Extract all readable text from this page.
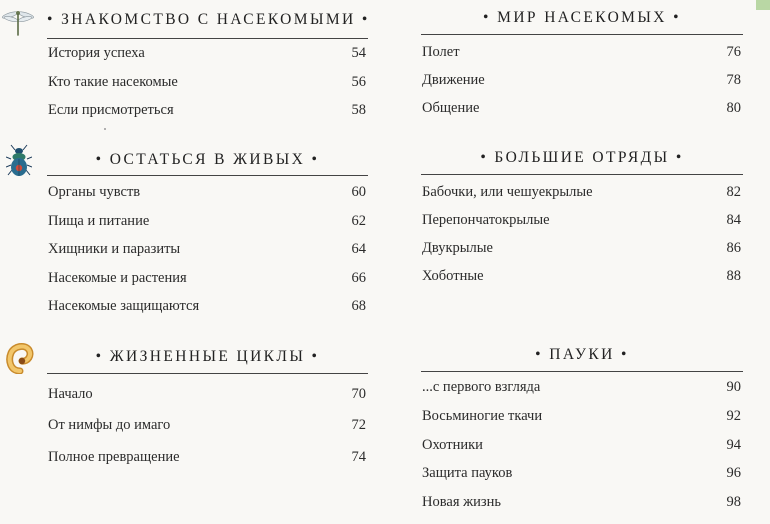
• ЗНАКОМСТВО С НАСЕКОМЫМИ •
История успеха	54
Кто такие насекомые	56
Если присмотреться	58
• ОСТАТЬСЯ В ЖИВЫХ •
Органы чувств	60
Пища и питание	62
Хищники и паразиты	64
Насекомые и растения	66
Насекомые защищаются	68
• ЖИЗНЕННЫЕ ЦИКЛЫ •
Начало	70
От нимфы до имаго	72
Полное превращение	74
• МИР НАСЕКОМЫХ •
Полет	76
Движение	78
Общение	80
• БОЛЬШИЕ ОТРЯДЫ •
Бабочки, или чешуекрылые	82
Перепончатокрылые	84
Двукрылые	86
Хоботные	88
• ПАУКИ •
...с первого взгляда	90
Восьминогие ткачи	92
Охотники	94
Защита пауков	96
Новая жизнь	98
